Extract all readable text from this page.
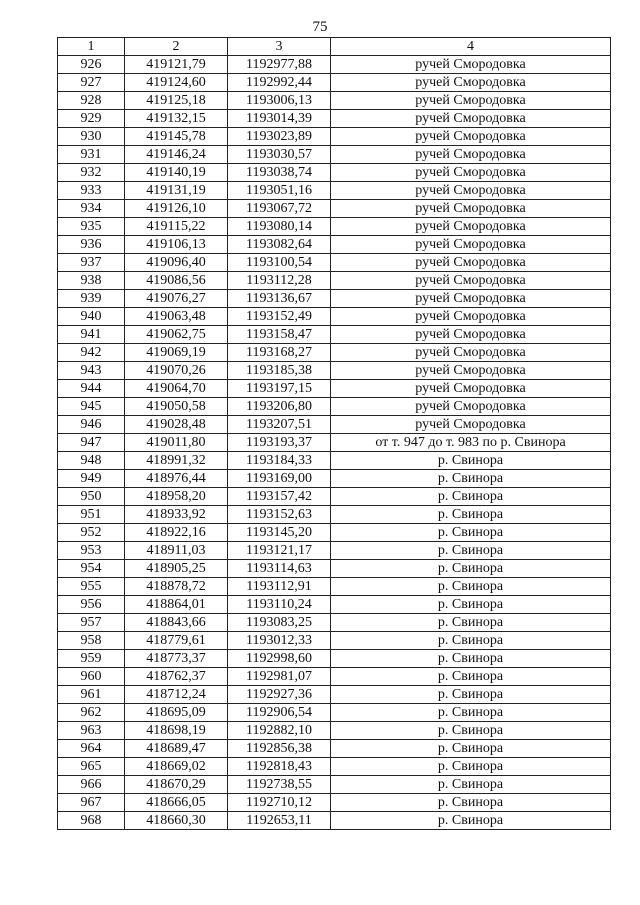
75
1	2	3	4
926	419121,79	1192977,88	ручей Смородовка
927	419124,60	1192992,44	ручей Смородовка
928	419125,18	1193006,13	ручей Смородовка
929	419132,15	1193014,39	ручей Смородовка
930	419145,78	1193023,89	ручей Смородовка
931	419146,24	1193030,57	ручей Смородовка
932	419140,19	1193038,74	ручей Смородовка
933	419131,19	1193051,16	ручей Смородовка
934	419126,10	1193067,72	ручей Смородовка
935	419115,22	1193080,14	ручей Смородовка
936	419106,13	1193082,64	ручей Смородовка
937	419096,40	1193100,54	ручей Смородовка
938	419086,56	1193112,28	ручей Смородовка
939	419076,27	1193136,67	ручей Смородовка
940	419063,48	1193152,49	ручей Смородовка
941	419062,75	1193158,47	ручей Смородовка
942	419069,19	1193168,27	ручей Смородовка
943	419070,26	1193185,38	ручей Смородовка
944	419064,70	1193197,15	ручей Смородовка
945	419050,58	1193206,80	ручей Смородовка
946	419028,48	1193207,51	ручей Смородовка
947	419011,80	1193193,37	от т. 947 до т. 983 по р. Свинора
948	418991,32	1193184,33	р. Свинора
949	418976,44	1193169,00	р. Свинора
950	418958,20	1193157,42	р. Свинора
951	418933,92	1193152,63	р. Свинора
952	418922,16	1193145,20	р. Свинора
953	418911,03	1193121,17	р. Свинора
954	418905,25	1193114,63	р. Свинора
955	418878,72	1193112,91	р. Свинора
956	418864,01	1193110,24	р. Свинора
957	418843,66	1193083,25	р. Свинора
958	418779,61	1193012,33	р. Свинора
959	418773,37	1192998,60	р. Свинора
960	418762,37	1192981,07	р. Свинора
961	418712,24	1192927,36	р. Свинора
962	418695,09	1192906,54	р. Свинора
963	418698,19	1192882,10	р. Свинора
964	418689,47	1192856,38	р. Свинора
965	418669,02	1192818,43	р. Свинора
966	418670,29	1192738,55	р. Свинора
967	418666,05	1192710,12	р. Свинора
968	418660,30	1192653,11	р. Свинора
